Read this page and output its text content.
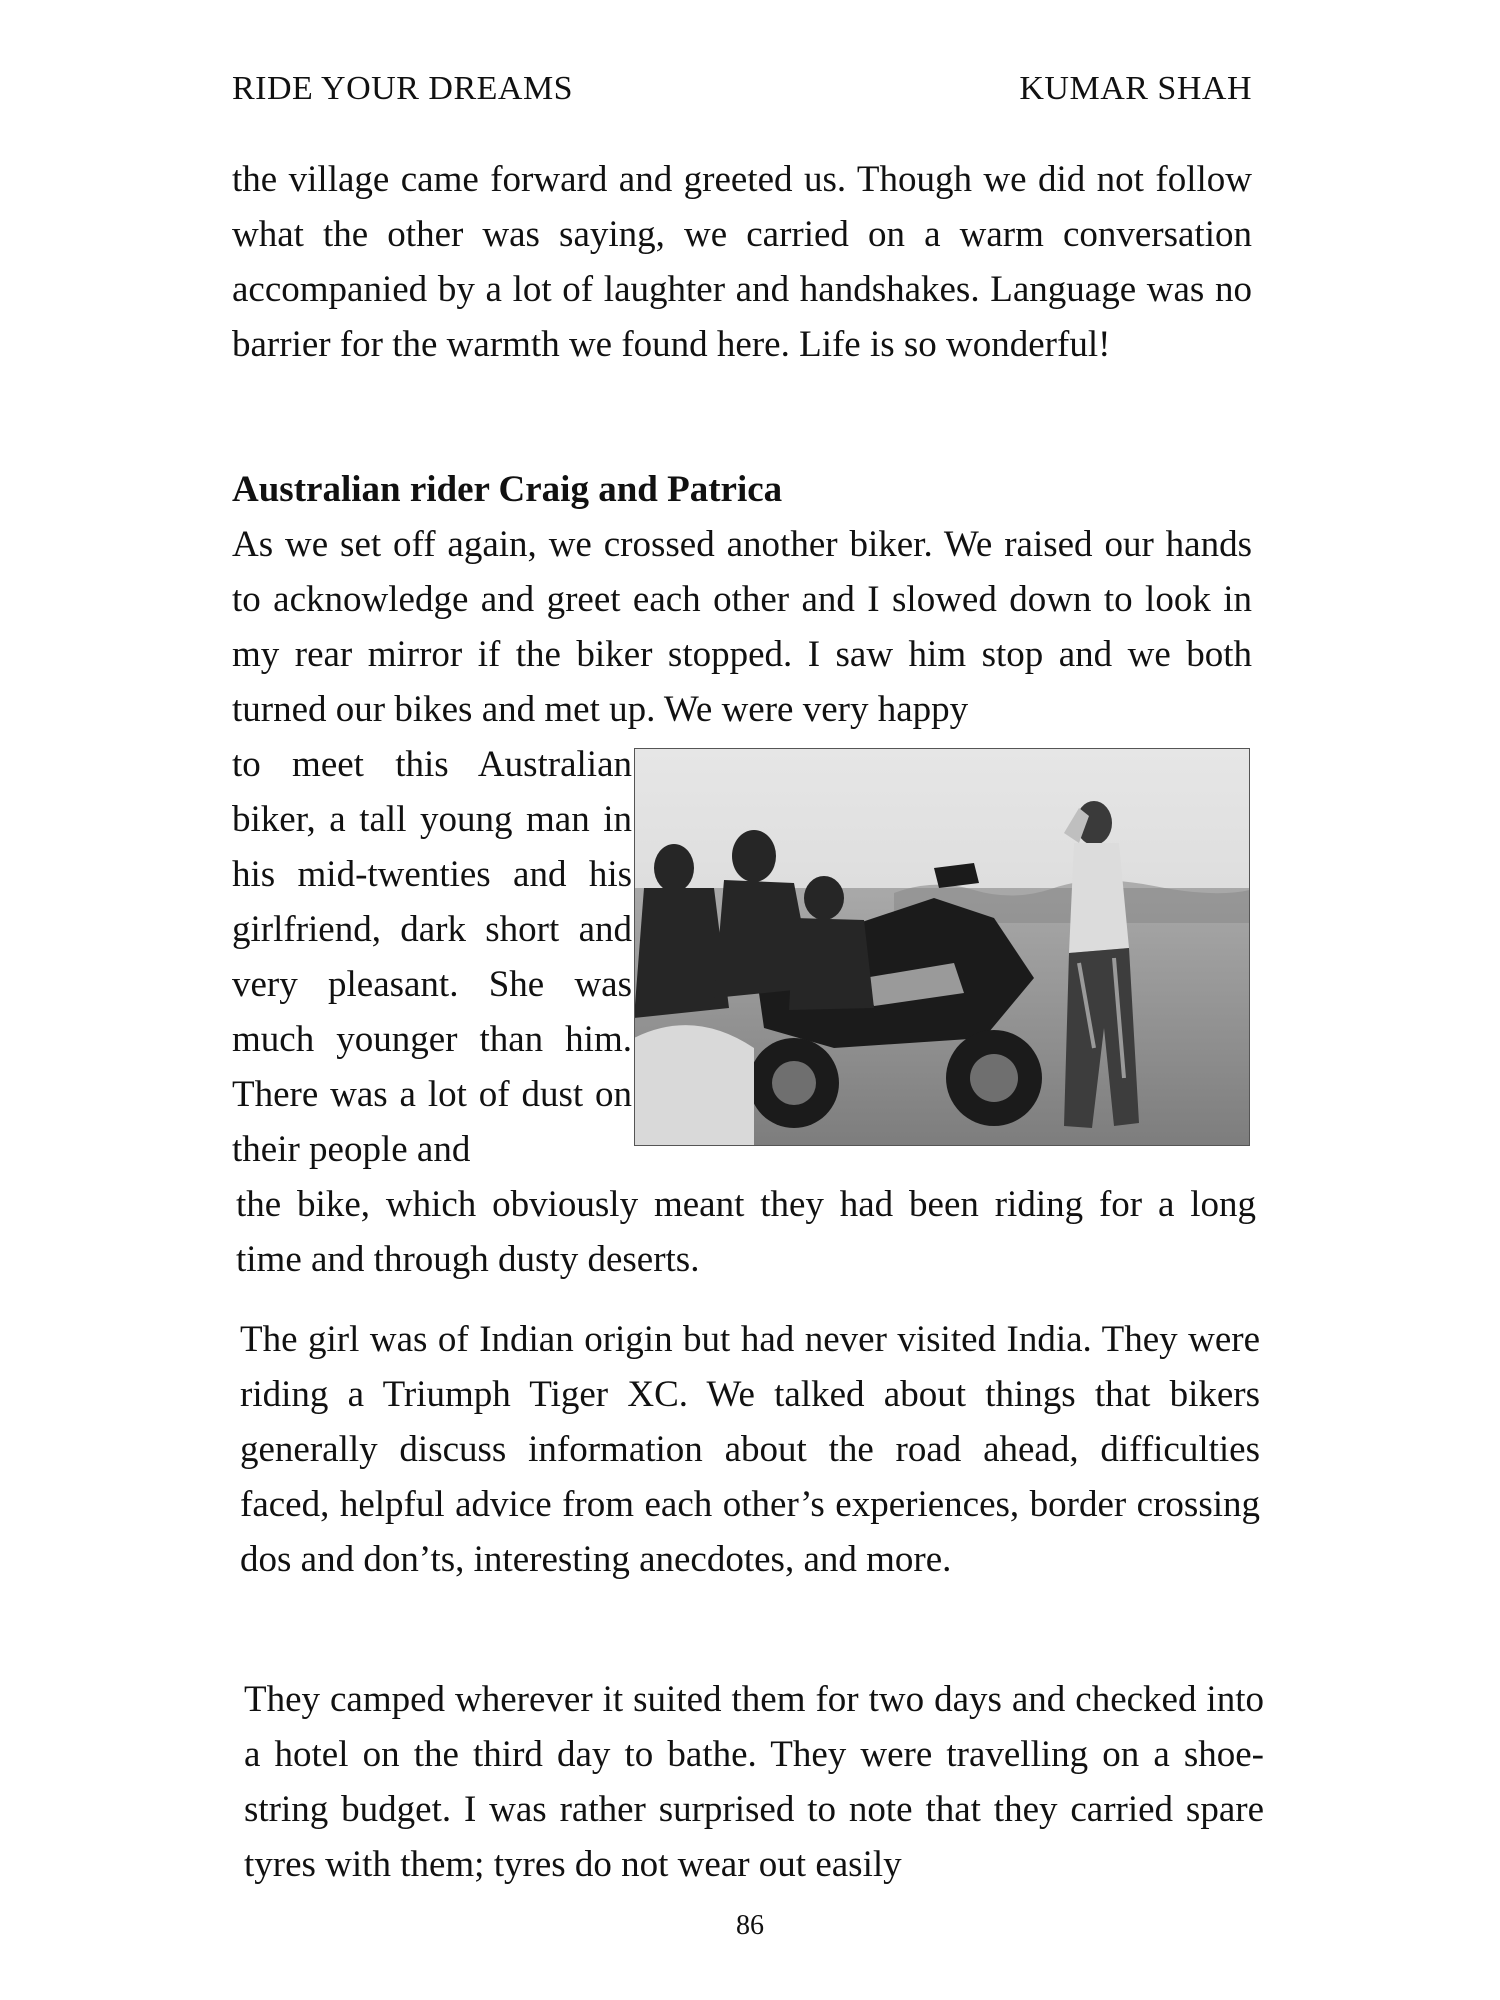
RIDE YOUR DREAMS	KUMAR SHAH
the village came forward and greeted us. Though we did not follow what the other was saying, we carried on a warm conversation accompanied by a lot of laughter and handshakes. Language was no barrier for the warmth we found here. Life is so wonderful!
Australian rider Craig and Patrica
As we set off again, we crossed another biker. We raised our hands to acknowledge and greet each other and I slowed down to look in my rear mirror if the biker stopped. I saw him stop and we both turned our bikes and met up. We were very happy
to meet this Australian biker, a tall young man in his mid-twenties and his girlfriend, dark short and very pleasant. She was much younger than him. There was a lot of dust on their people and
the bike, which obviously meant they had been riding for a long time and through dusty deserts.
The girl was of Indian origin but had never visited India. They were riding a Triumph Tiger XC. We talked about things that bikers generally discuss information about the road ahead, difficulties faced, helpful advice from each other’s experiences, border crossing dos and don’ts, interesting anecdotes, and more.
They camped wherever it suited them for two days and checked into a hotel on the third day to bathe. They were travelling on a shoe-string budget. I was rather surprised to note that they carried spare tyres with them; tyres do not wear out easily
86
